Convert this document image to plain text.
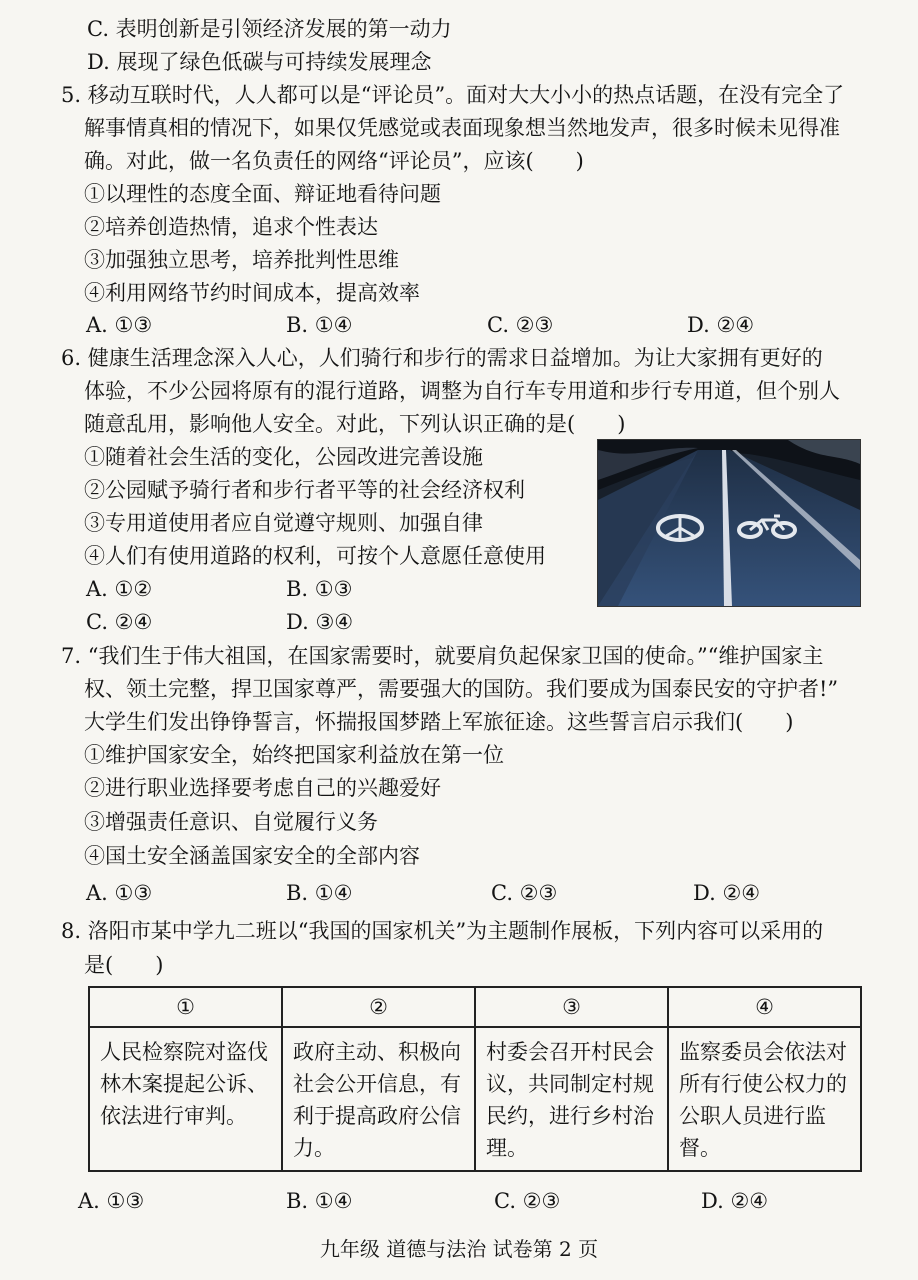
C. 表明创新是引领经济发展的第一动力
D. 展现了绿色低碳与可持续发展理念
5. 移动互联时代，人人都可以是“评论员”。面对大大小小的热点话题，在没有完全了
解事情真相的情况下，如果仅凭感觉或表面现象想当然地发声，很多时候未见得准
确。对此，做一名负责任的网络“评论员”，应该(　　)
①以理性的态度全面、辩证地看待问题
②培养创造热情，追求个性表达
③加强独立思考，培养批判性思维
④利用网络节约时间成本，提高效率
A. ①③	B. ①④	C. ②③	D. ②④
6. 健康生活理念深入人心，人们骑行和步行的需求日益增加。为让大家拥有更好的
体验，不少公园将原有的混行道路，调整为自行车专用道和步行专用道，但个别人
随意乱用，影响他人安全。对此，下列认识正确的是(　　)
①随着社会生活的变化，公园改进完善设施
②公园赋予骑行者和步行者平等的社会经济权利
③专用道使用者应自觉遵守规则、加强自律
④人们有使用道路的权利，可按个人意愿任意使用
A. ①②	B. ①③
C. ②④	D. ③④
7. “我们生于伟大祖国，在国家需要时，就要肩负起保家卫国的使命。”“维护国家主
权、领土完整，捍卫国家尊严，需要强大的国防。我们要成为国泰民安的守护者!”
大学生们发出铮铮誓言，怀揣报国梦踏上军旅征途。这些誓言启示我们(　　)
①维护国家安全，始终把国家利益放在第一位
②进行职业选择要考虑自己的兴趣爱好
③增强责任意识、自觉履行义务
④国土安全涵盖国家安全的全部内容
A. ①③	B. ①④	C. ②③	D. ②④
8. 洛阳市某中学九二班以“我国的国家机关”为主题制作展板，下列内容可以采用的
是(　　)
①	②	③	④
人民检察院对盗伐林木案提起公诉、依法进行审判。	政府主动、积极向社会公开信息，有利于提高政府公信力。	村委会召开村民会议，共同制定村规民约，进行乡村治理。	监察委员会依法对所有行使公权力的公职人员进行监督。
A. ①③	B. ①④	C. ②③	D. ②④
九年级 道德与法治 试卷第 2 页
